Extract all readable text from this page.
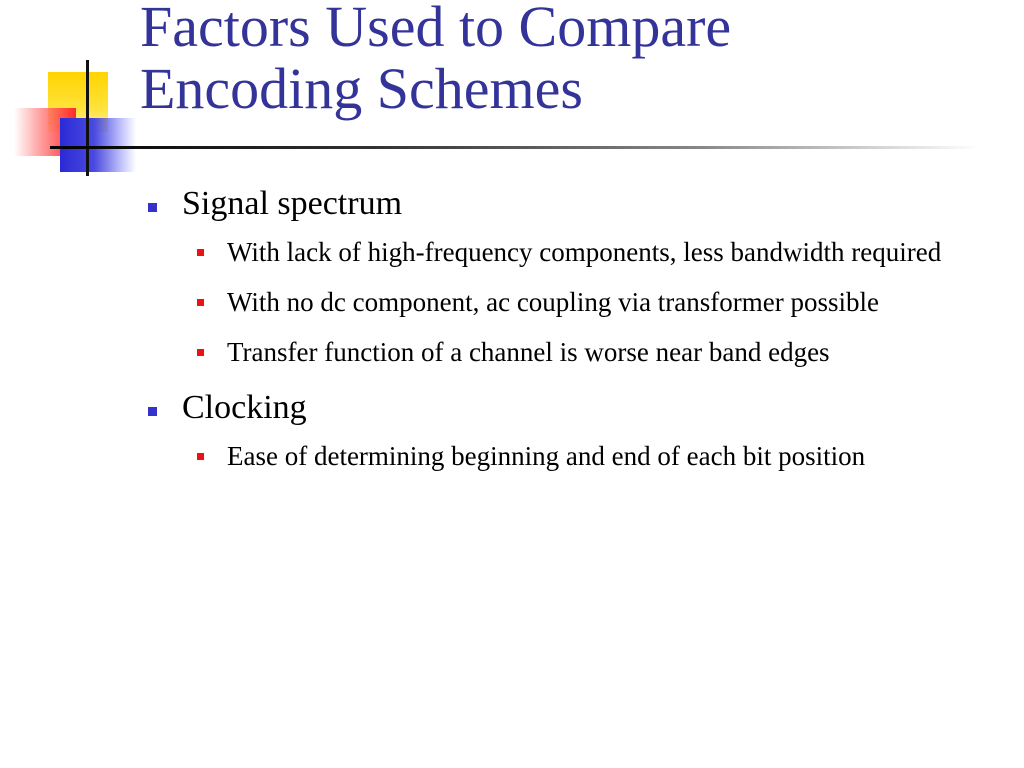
Factors Used to Compare
Encoding Schemes
Signal spectrum
With lack of high-frequency components, less bandwidth required
With no dc component, ac coupling via transformer possible
Transfer function of a channel is worse near band edges
Clocking
Ease of determining beginning and end of each bit position
